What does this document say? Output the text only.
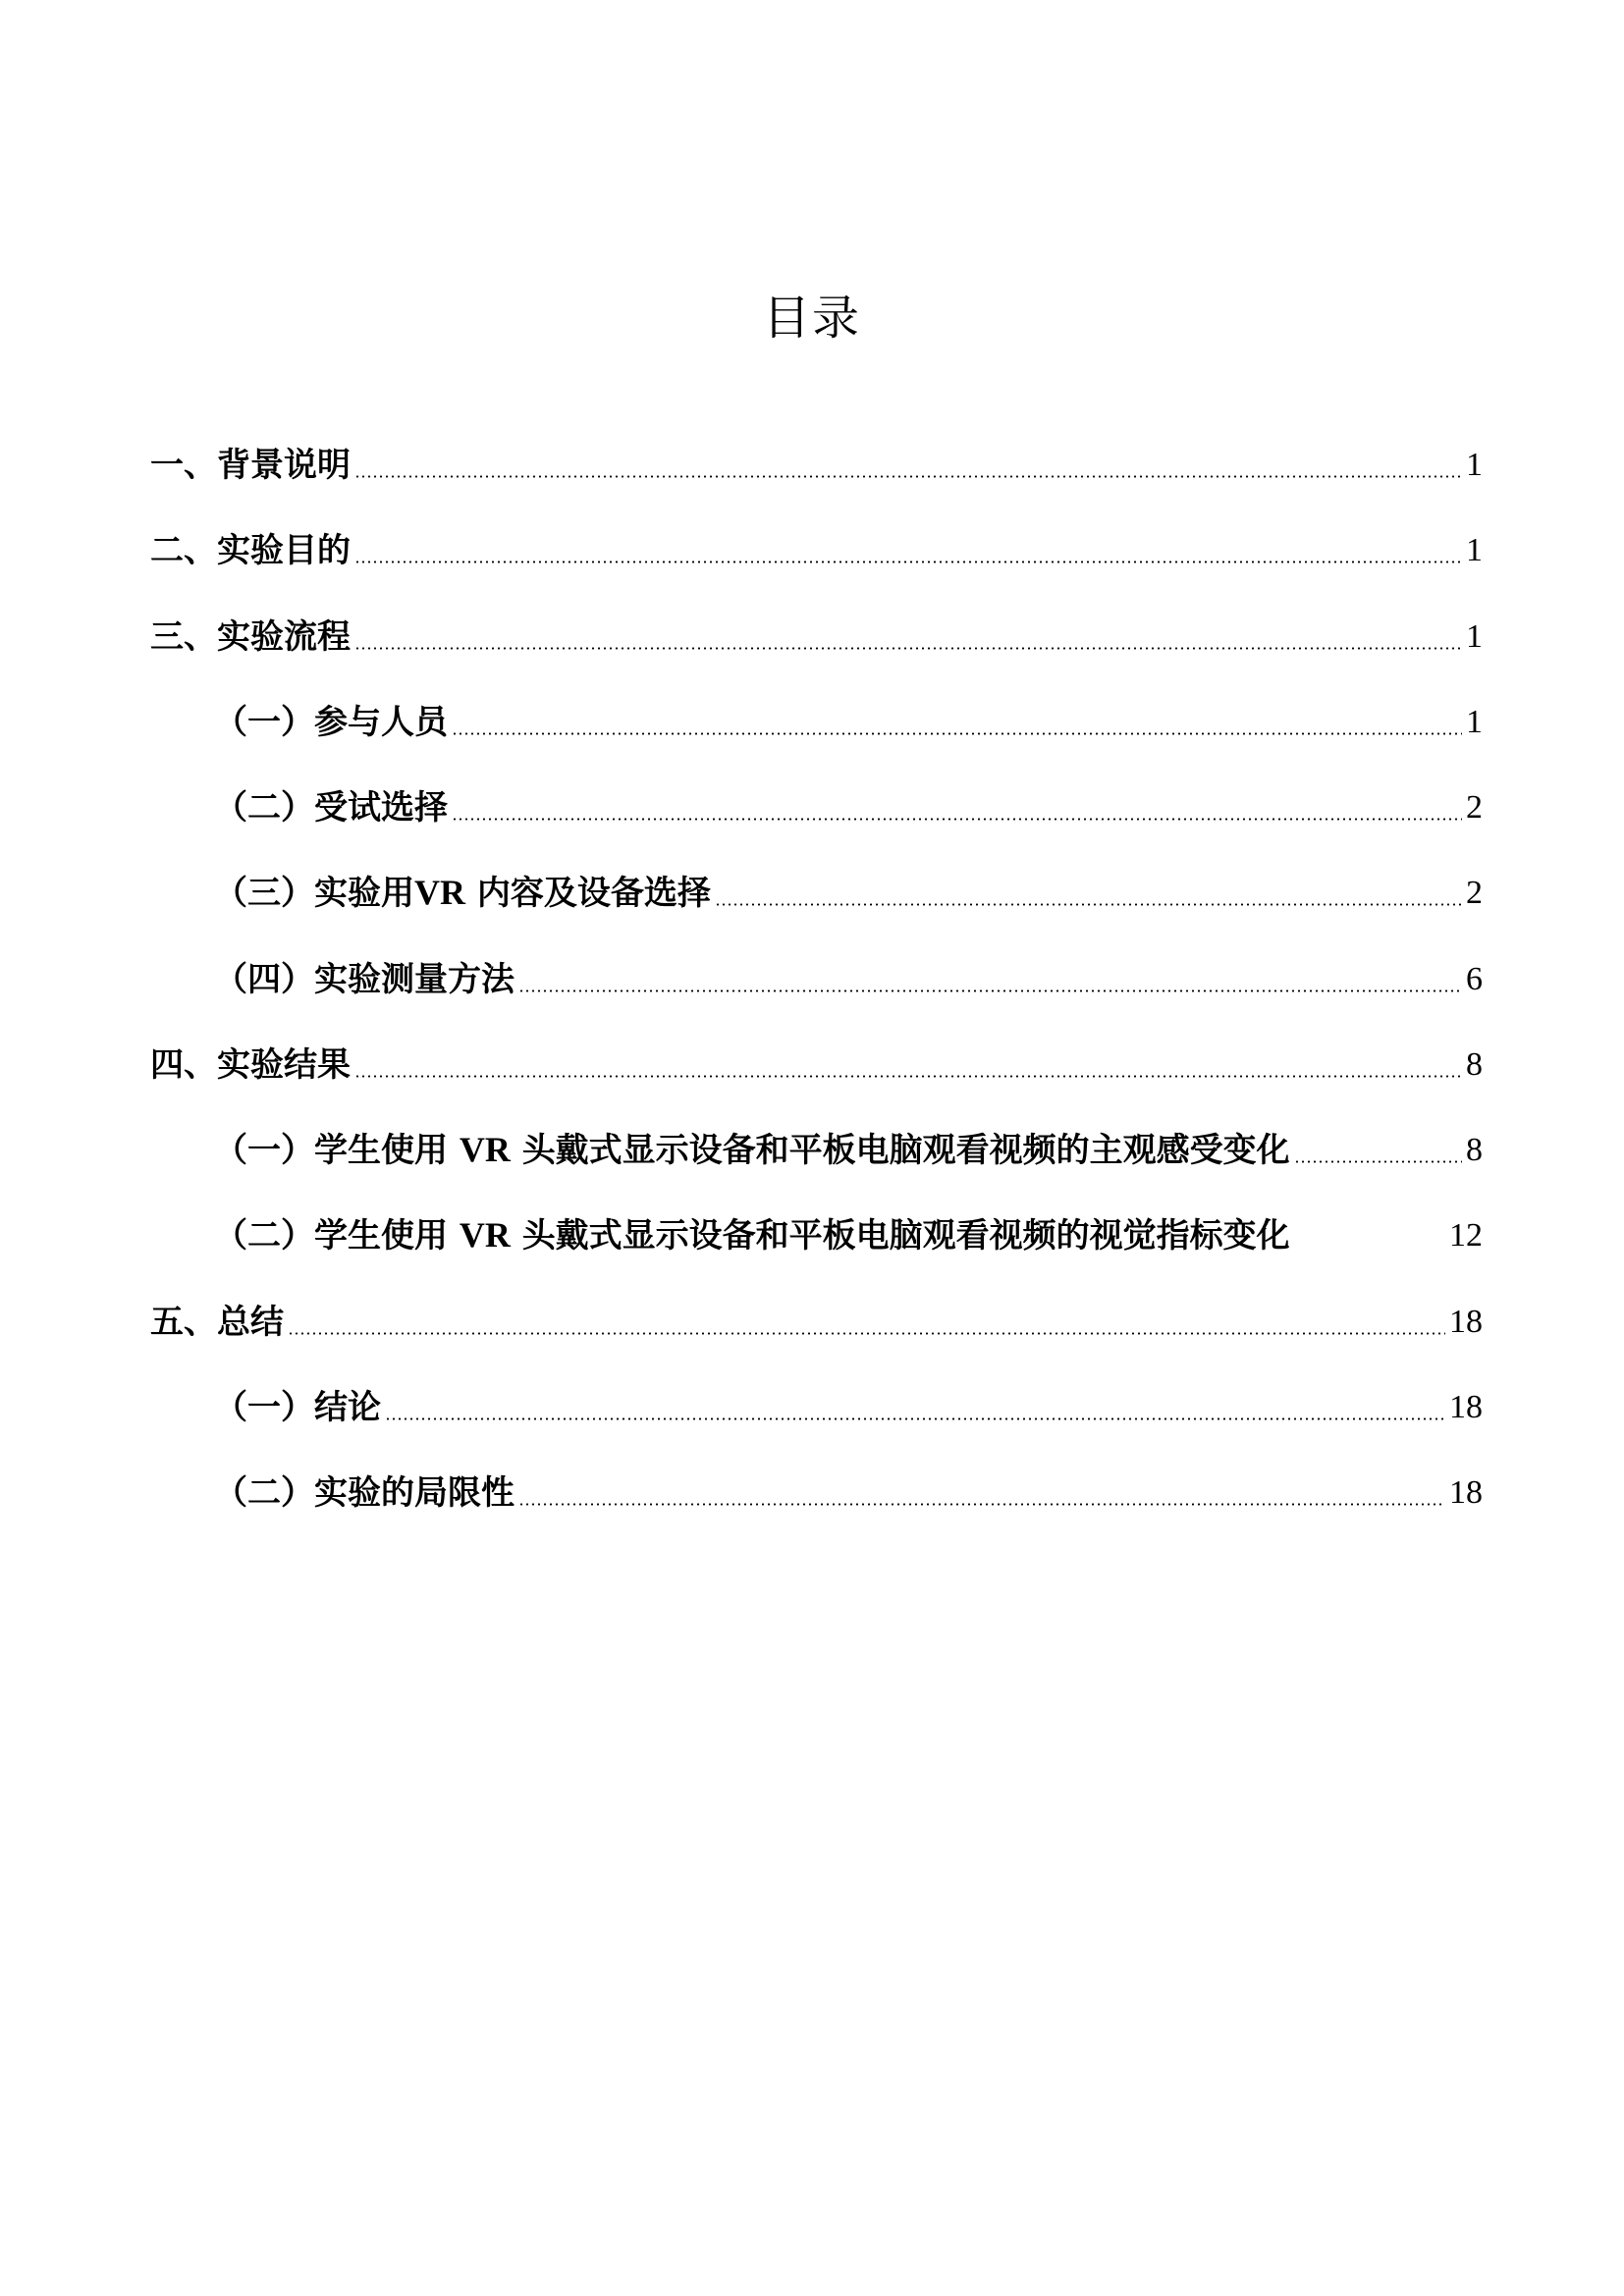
目录
一、背景说明	1
二、实验目的	1
三、实验流程	1
（一）参与人员	1
（二）受试选择	2
（三）实验用VR 内容及设备选择	2
（四）实验测量方法	6
四、实验结果	8
（一）学生使用 VR 头戴式显示设备和平板电脑观看视频的主观感受变化	8
（二）学生使用 VR 头戴式显示设备和平板电脑观看视频的视觉指标变化	12
五、总结	18
（一）结论	18
（二）实验的局限性	18
